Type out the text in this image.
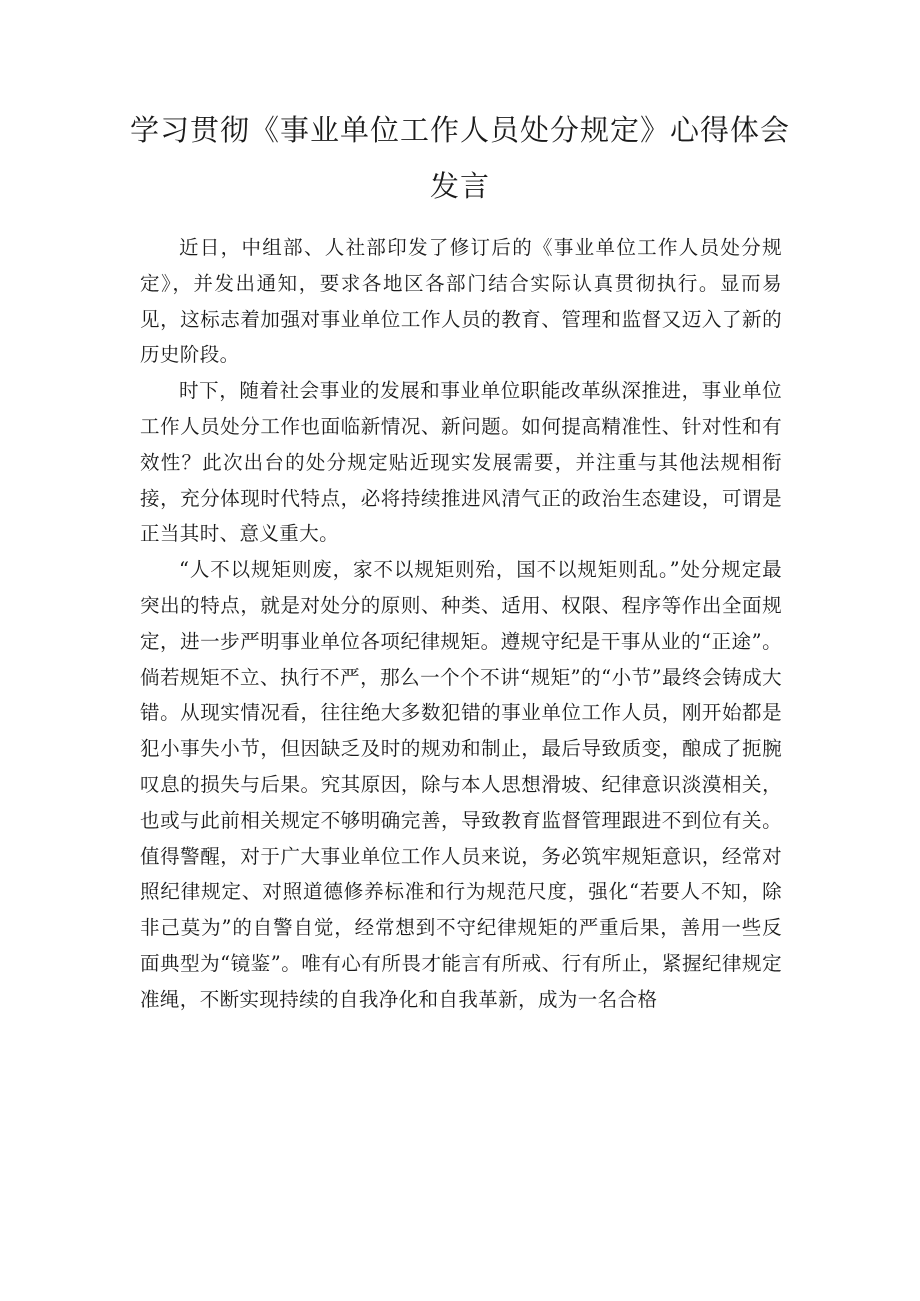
学习贯彻《事业单位工作人员处分规定》心得体会发言

近日，中组部、人社部印发了修订后的《事业单位工作人员处分规定》，并发出通知，要求各地区各部门结合实际认真贯彻执行。显而易见，这标志着加强对事业单位工作人员的教育、管理和监督又迈入了新的历史阶段。

时下，随着社会事业的发展和事业单位职能改革纵深推进，事业单位工作人员处分工作也面临新情况、新问题。如何提高精准性、针对性和有效性？此次出台的处分规定贴近现实发展需要，并注重与其他法规相衔接，充分体现时代特点，必将持续推进风清气正的政治生态建设，可谓是正当其时、意义重大。

“人不以规矩则废，家不以规矩则殆，国不以规矩则乱。”处分规定最突出的特点，就是对处分的原则、种类、适用、权限、程序等作出全面规定，进一步严明事业单位各项纪律规矩。遵规守纪是干事从业的“正途”。倘若规矩不立、执行不严，那么一个个不讲“规矩”的“小节”最终会铸成大错。从现实情况看，往往绝大多数犯错的事业单位工作人员，刚开始都是犯小事失小节，但因缺乏及时的规劝和制止，最后导致质变，酿成了扼腕叹息的损失与后果。究其原因，除与本人思想滑坡、纪律意识淡漠相关，也或与此前相关规定不够明确完善，导致教育监督管理跟进不到位有关。值得警醒，对于广大事业单位工作人员来说，务必筑牢规矩意识，经常对照纪律规定、对照道德修养标准和行为规范尺度，强化“若要人不知，除非己莫为”的自警自觉，经常想到不守纪律规矩的严重后果，善用一些反面典型为“镜鉴”。唯有心有所畏才能言有所戒、行有所止，紧握纪律规定准绳，不断实现持续的自我净化和自我革新，成为一名合格
